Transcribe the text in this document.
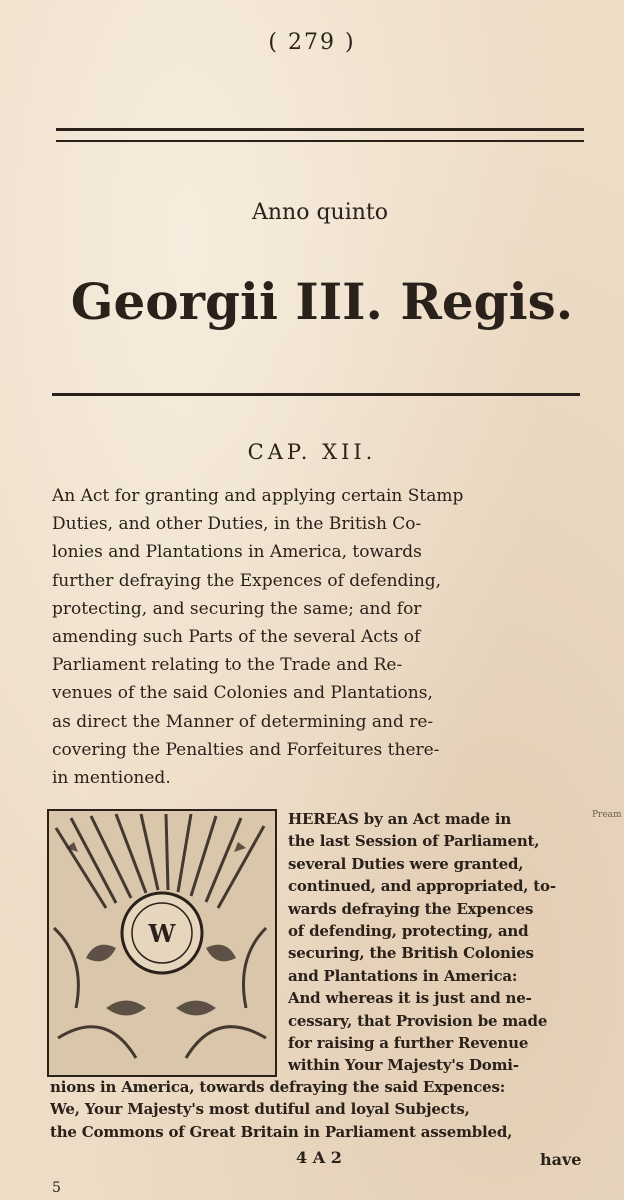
( 279 )
Anno quinto
Georgii III. Regis.
CAP. XII.
An Act for granting and applying certain Stamp
Duties, and other Duties, in the British Co-
lonies and Plantations in America, towards
further defraying the Expences of defending,
protecting, and securing the same; and for
amending such Parts of the several Acts of
Parliament relating to the Trade and Re-
venues of the said Colonies and Plantations,
as direct the Manner of determining and re-
covering the Penalties and Forfeitures there-
in mentioned.
W
HEREAS by an Act made in
the last Session of Parliament,
several Duties were granted,
continued, and appropriated, to-
wards defraying the Expences
of defending, protecting, and
securing, the British Colonies
and Plantations in America:
And whereas it is just and ne-
cessary, that Provision be made
for raising a further Revenue
within Your Majesty's Domi-
nions in America, towards defraying the said Expences:
We, Your Majesty's most dutiful and loyal Subjects,
the Commons of Great Britain in Parliament assembled,
Pream
4 A 2	have
5
